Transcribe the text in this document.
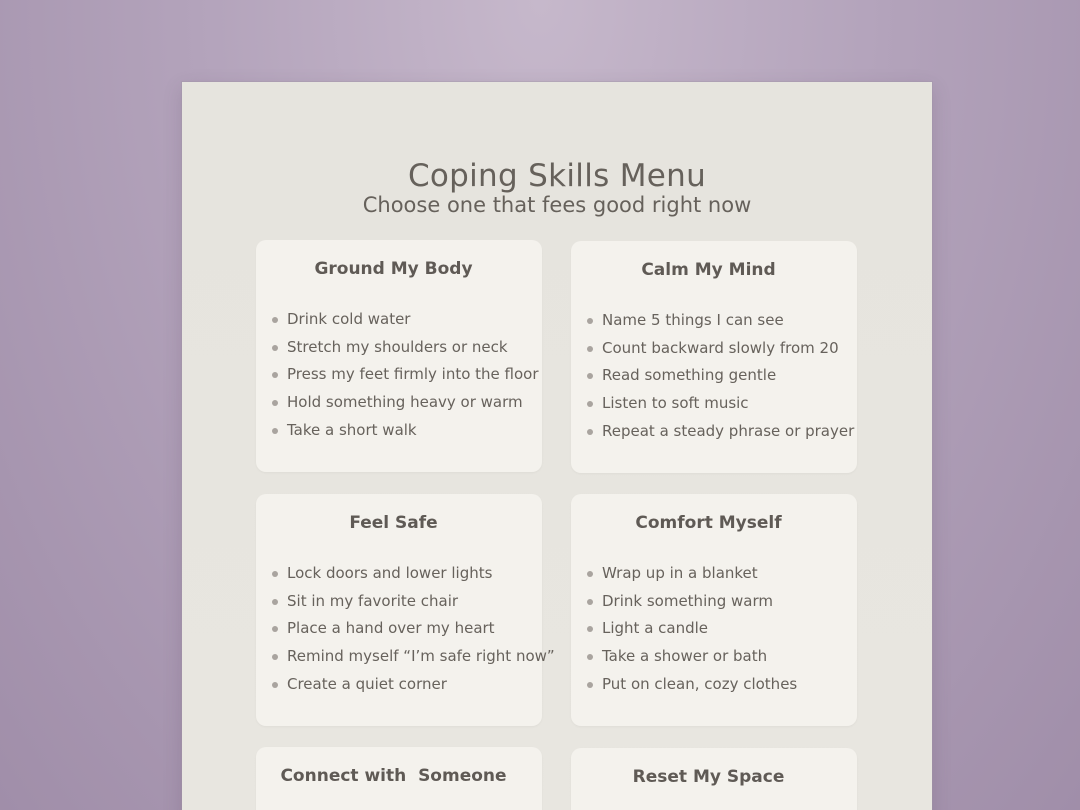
Coping Skills Menu
Choose one that fees good right now
Ground My Body
Drink cold water
Stretch my shoulders or neck
Press my feet firmly into the floor
Hold something heavy or warm
Take a short walk
Calm My Mind
Name 5 things I can see
Count backward slowly from 20
Read something gentle
Listen to soft music
Repeat a steady phrase or prayer
Feel Safe
Lock doors and lower lights
Sit in my favorite chair
Place a hand over my heart
Remind myself “I’m safe right now”
Create a quiet corner
Comfort Myself
Wrap up in a blanket
Drink something warm
Light a candle
Take a shower or bath
Put on clean, cozy clothes
Connect with  Someone	Reset My Space
